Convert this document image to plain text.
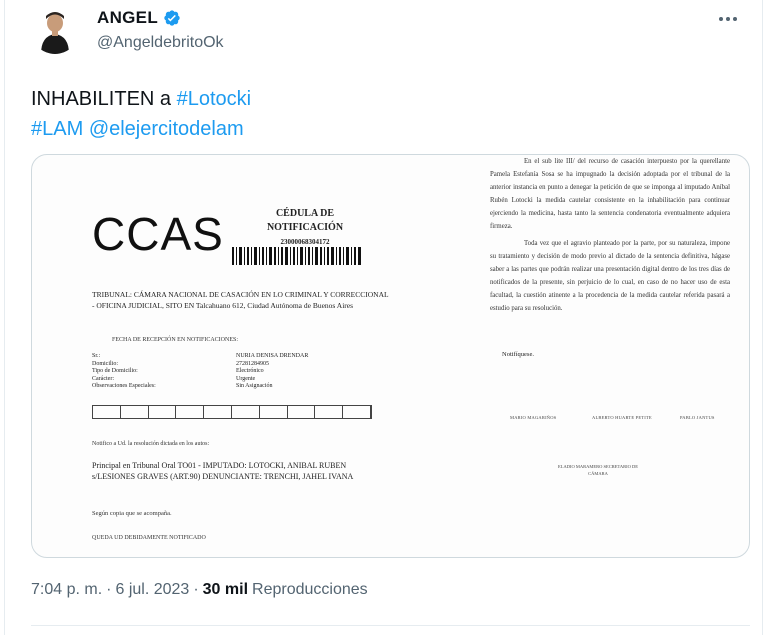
ANGEL
@AngeldebritoOk
INHABILITEN a #Lotocki
#LAM @elejercitodelam
CCAS	CÉDULA DE NOTIFICACIÓN
23000068304172
TRIBUNAL: CÁMARA NACIONAL DE CASACIÓN EN LO CRIMINAL Y CORRECCIONAL - OFICINA JUDICIAL, SITO EN Talcahuano 612, Ciudad Autónoma de Buenos Aires
FECHA DE RECEPCIÓN EN NOTIFICACIONES:
Sr.:	NURIA DENISA DRENDAR
Domicilio:	27281284905
Tipo de Domicilio:	Electrónico
Carácter:	Urgente
Observaciones Especiales:	Sin Asignación
Notifico a Ud. la resolución dictada en los autos:
Principal en Tribunal Oral TO01 - IMPUTADO: LOTOCKI, ANIBAL RUBEN s/LESIONES GRAVES (ART.90) DENUNCIANTE: TRENCHI, JAHEL IVANA
Según copia que se acompaña.
QUEDA UD DEBIDAMENTE NOTIFICADO

En el sub lite III/ del recurso de casación interpuesto por la querellante Pamela Estefanía Sosa se ha impugnado la decisión adoptada por el tribunal de la anterior instancia en punto a denegar la petición de que se imponga al imputado Aníbal Rubén Lotocki la medida cautelar consistente en la inhabilitación para continuar ejerciendo la medicina, hasta tanto la sentencia condenatoria eventualmente adquiera firmeza.

Toda vez que el agravio planteado por la parte, por su naturaleza, impone su tratamiento y decisión de modo previo al dictado de la sentencia definitiva, hágase saber a las partes que podrán realizar una presentación digital dentro de los tres días de notificados de la presente, sin perjuicio de lo cual, en caso de no hacer uso de esta facultad, la cuestión atinente a la procedencia de la medida cautelar referida pasará a estudio para su resolución.

Notifíquese.
MARIO MAGARIÑOS	ALBERTO HUARTE PETITE	PABLO JANTUS
ELADIO MARAMERO SECRETARIO DE CÁMARA
7:04 p. m. · 6 jul. 2023 · 30 mil Reproducciones
